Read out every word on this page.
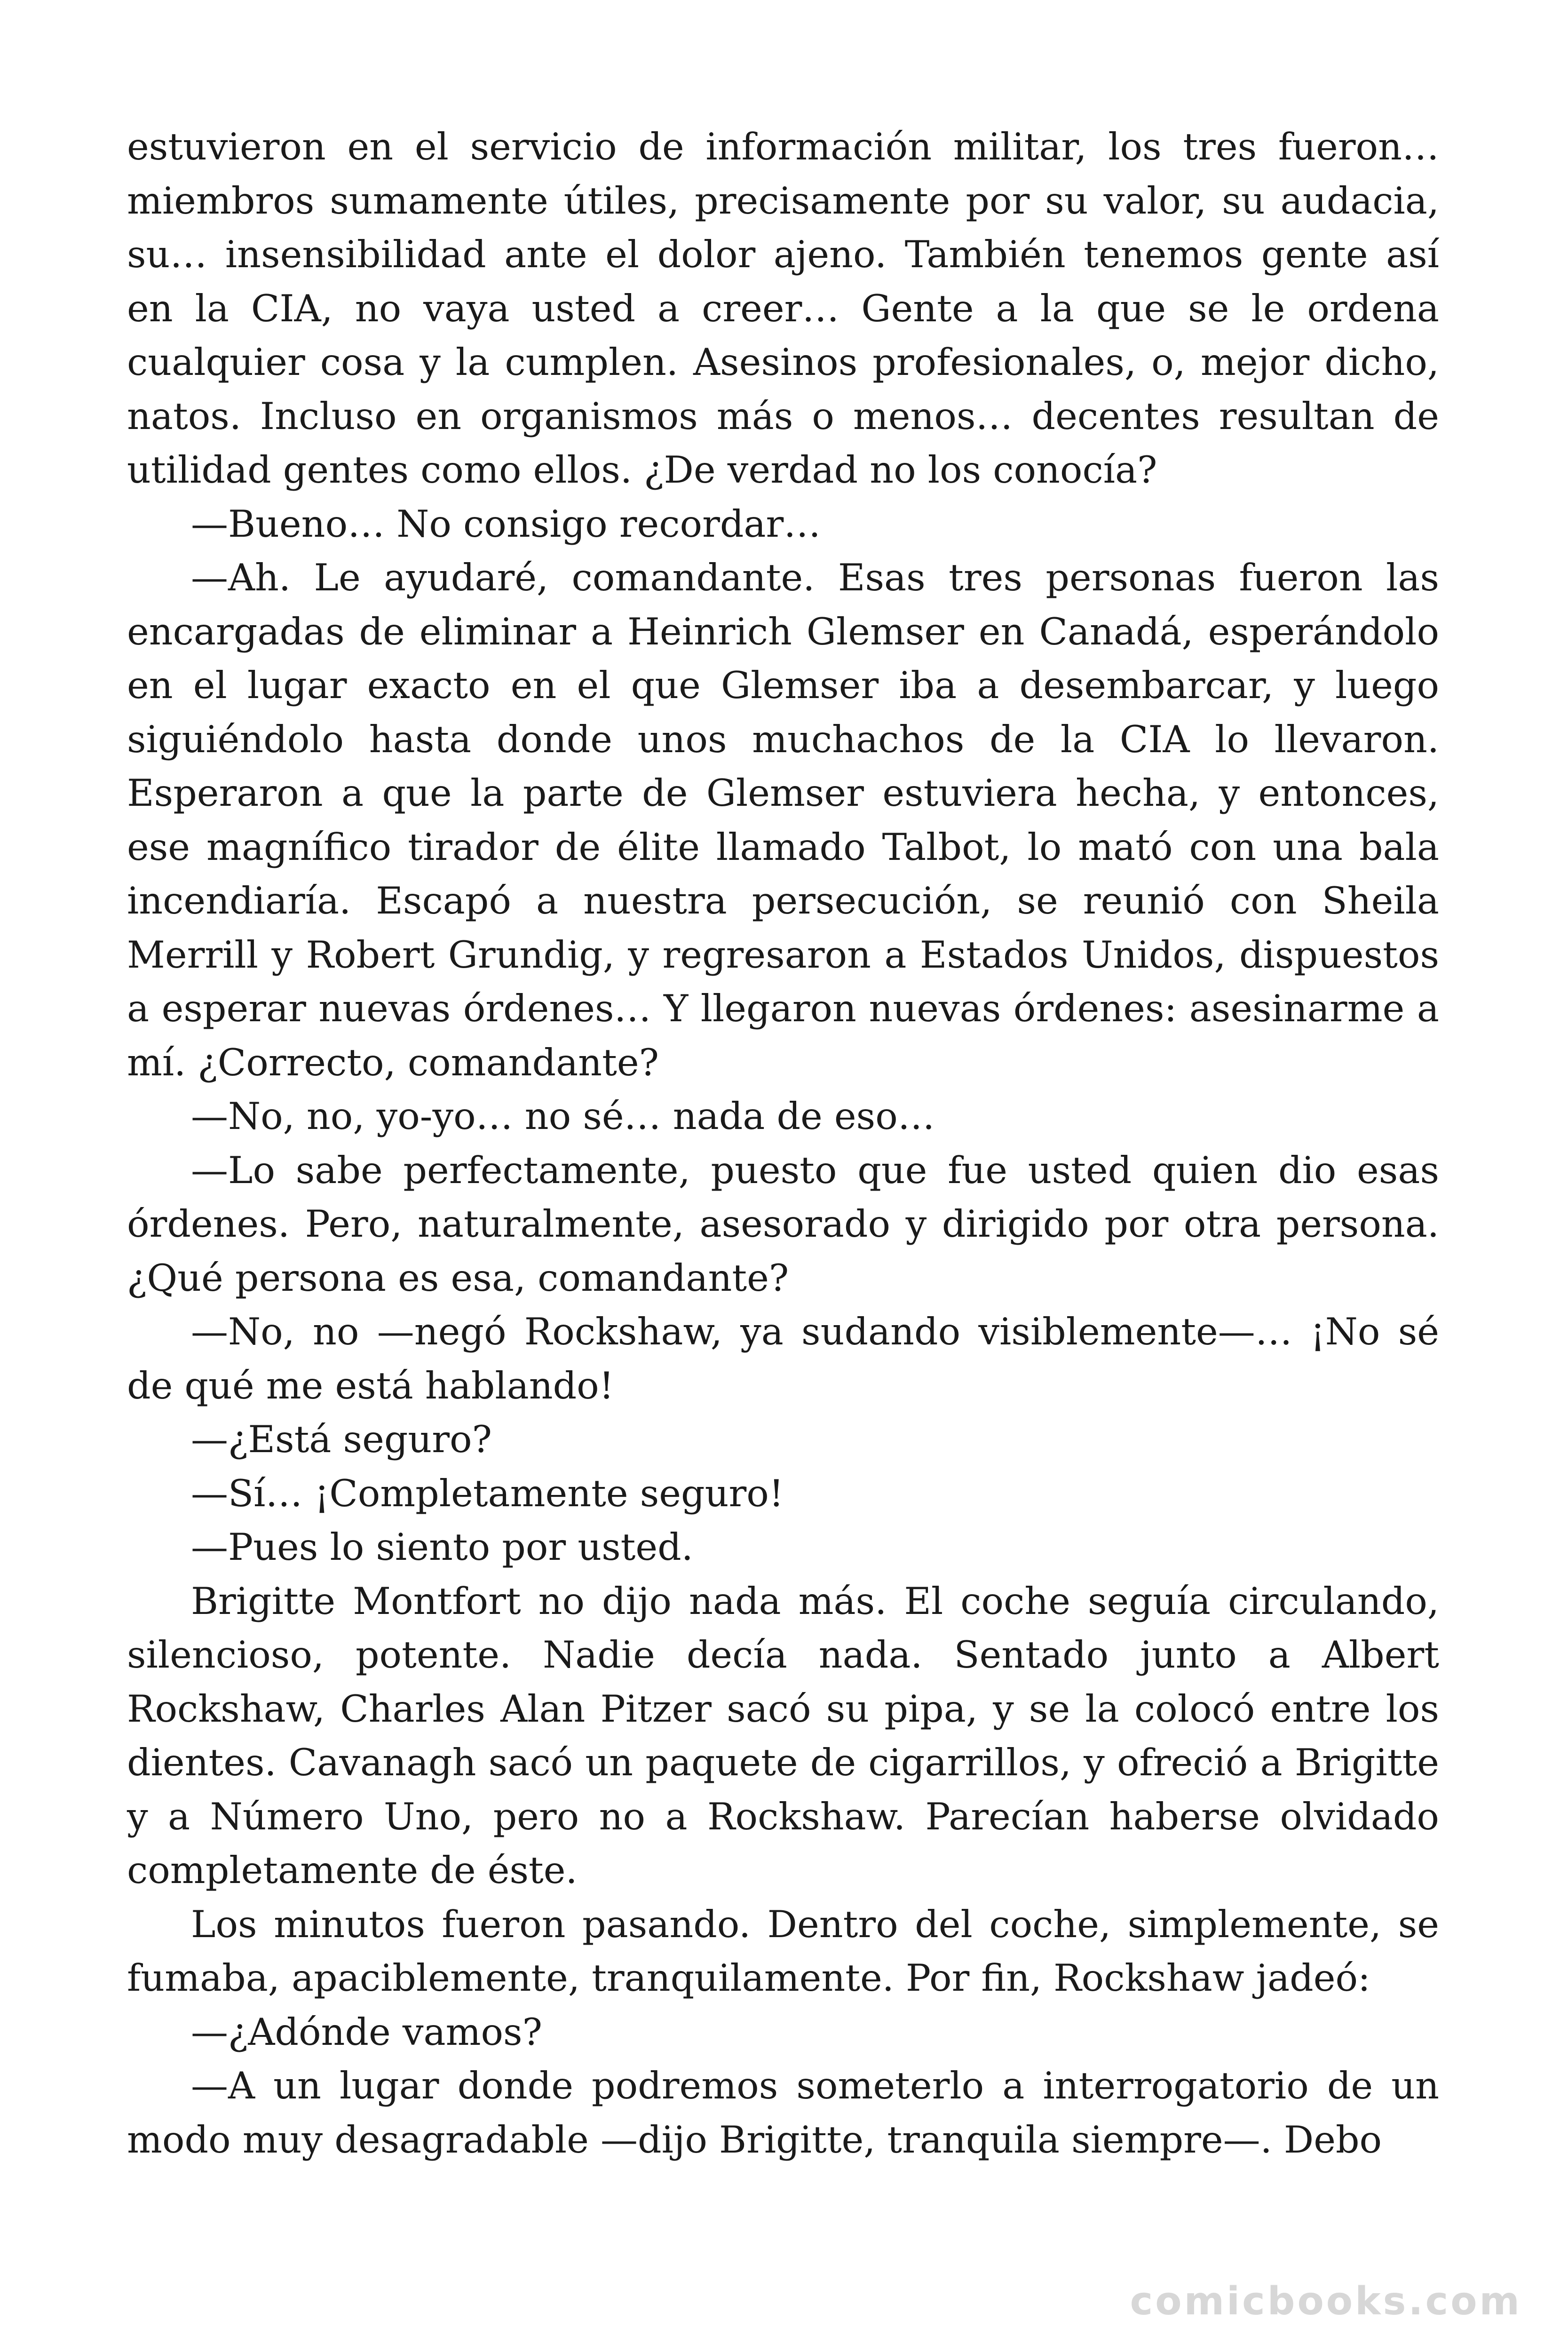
estuvieron en el servicio de información militar, los tres fueron… miembros sumamente útiles, precisamente por su valor, su audacia, su… insensibilidad ante el dolor ajeno. También tenemos gente así en la CIA, no vaya usted a creer… Gente a la que se le ordena cualquier cosa y la cumplen. Asesinos profesionales, o, mejor dicho, natos. Incluso en organismos más o menos… decentes resultan de utilidad gentes como ellos. ¿De verdad no los conocía?

—Bueno… No consigo recordar…

—Ah. Le ayudaré, comandante. Esas tres personas fueron las encargadas de eliminar a Heinrich Glemser en Canadá, esperándolo en el lugar exacto en el que Glemser iba a desembarcar, y luego siguiéndolo hasta donde unos muchachos de la CIA lo llevaron. Esperaron a que la parte de Glemser estuviera hecha, y entonces, ese magnífico tirador de élite llamado Talbot, lo mató con una bala incendiaría. Escapó a nuestra persecución, se reunió con Sheila Merrill y Robert Grundig, y regresaron a Estados Unidos, dispuestos a esperar nuevas órdenes… Y llegaron nuevas órdenes: asesinarme a mí. ¿Correcto, comandante?

—No, no, yo-yo… no sé… nada de eso…

—Lo sabe perfectamente, puesto que fue usted quien dio esas órdenes. Pero, naturalmente, asesorado y dirigido por otra persona. ¿Qué persona es esa, comandante?

—No, no —negó Rockshaw, ya sudando visiblemente—… ¡No sé de qué me está hablando!

—¿Está seguro?

—Sí… ¡Completamente seguro!

—Pues lo siento por usted.

Brigitte Montfort no dijo nada más. El coche seguía circulando, silencioso, potente. Nadie decía nada. Sentado junto a Albert Rockshaw, Charles Alan Pitzer sacó su pipa, y se la colocó entre los dientes. Cavanagh sacó un paquete de cigarrillos, y ofreció a Brigitte y a Número Uno, pero no a Rockshaw. Parecían haberse olvidado completamente de éste.

Los minutos fueron pasando. Dentro del coche, simplemente, se fumaba, apaciblemente, tranquilamente. Por fin, Rockshaw jadeó:

—¿Adónde vamos?

—A un lugar donde podremos someterlo a interrogatorio de un modo muy desagradable —dijo Brigitte, tranquila siempre—. Debo

comicbooks.com
